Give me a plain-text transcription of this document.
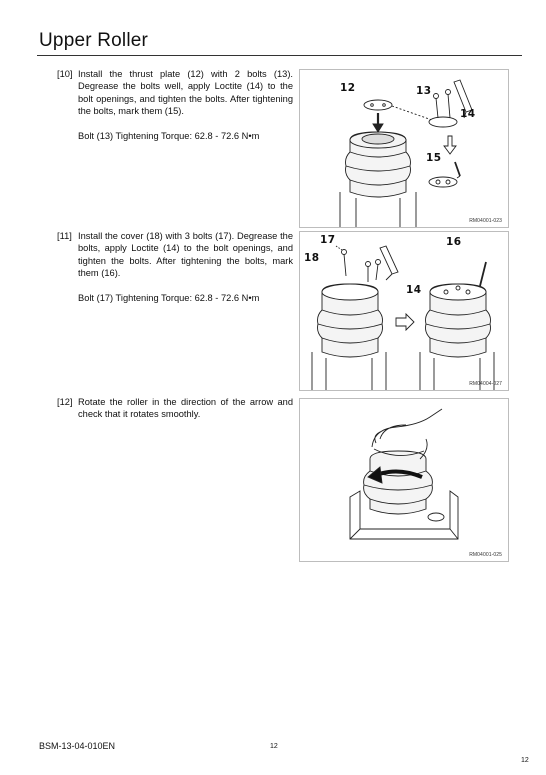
Upper Roller
[10] Install the thrust plate (12) with 2 bolts (13). Degrease the bolts well, apply Loctite (14) to the bolt openings, and tighten the bolts. After tightening the bolts, mark them (15).
Bolt (13) Tightening Torque: 62.8 - 72.6 N•m
[11] Install the cover (18) with 3 bolts (17). Degrease the bolts, apply Loctite (14) to the bolt openings, and tighten the bolts. After tightening the bolts, mark them (16).
Bolt (17) Tightening Torque: 62.8 - 72.6 N•m
[12] Rotate the roller in the direction of the arrow and check that it rotates smoothly.
12	13
14
15
RM04001-023
17	16
18
14
RM04004-027
RM04001-025
BSM-13-04-010EN	12
12
